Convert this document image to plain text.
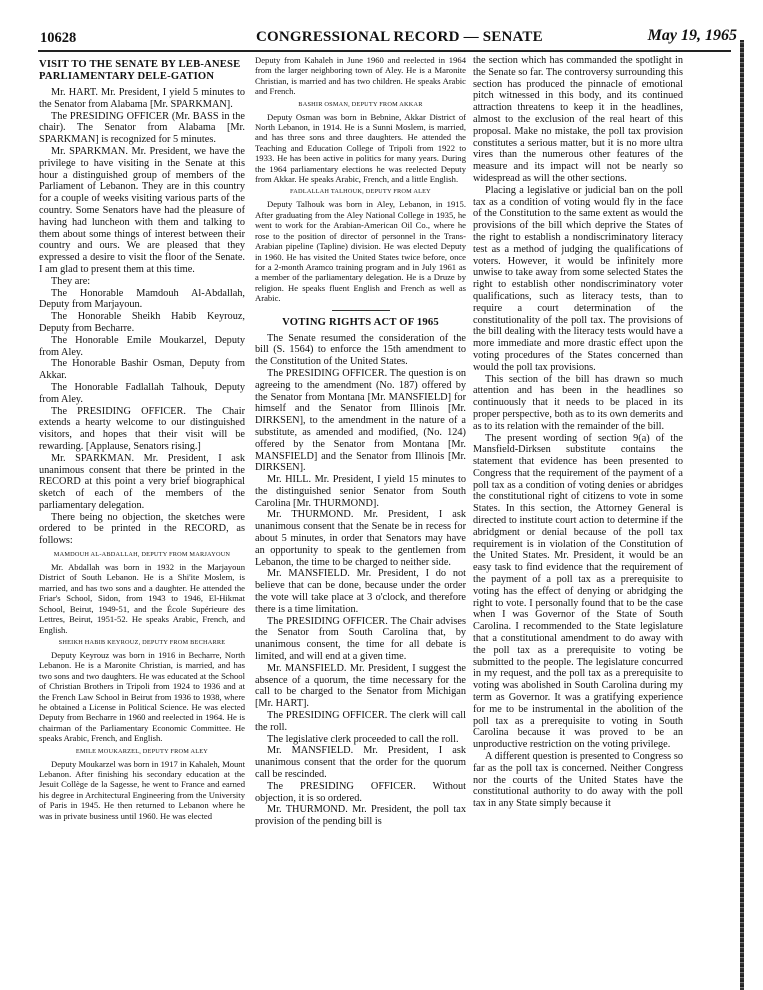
10628	CONGRESSIONAL RECORD — SENATE	May 19, 1965
VISIT TO THE SENATE BY LEB-ANESE PARLIAMENTARY DELE-GATION

Mr. HART. Mr. President, I yield 5 minutes to the Senator from Alabama [Mr. SPARKMAN].

The PRESIDING OFFICER (Mr. BASS in the chair). The Senator from Alabama [Mr. SPARKMAN] is recognized for 5 minutes.

Mr. SPARKMAN. Mr. President, we have the privilege to have visiting in the Senate at this hour a distinguished group of members of the Parliament of Lebanon. They are in this country for a couple of weeks visiting various parts of the country. Some Senators have had the pleasure of having had luncheon with them and talking to them about some things of interest between their country and ours. We are pleased that they expressed a desire to visit the floor of the Senate. I am glad to present them at this time.

They are:

The Honorable Mamdouh Al-Abdallah, Deputy from Marjayoun.

The Honorable Sheikh Habib Keyrouz, Deputy from Becharre.

The Honorable Emile Moukarzel, Deputy from Aley.

The Honorable Bashir Osman, Deputy from Akkar.

The Honorable Fadlallah Talhouk, Deputy from Aley.

The PRESIDING OFFICER. The Chair extends a hearty welcome to our distinguished visitors, and hopes that their visit will be rewarding. [Applause, Senators rising.]

Mr. SPARKMAN. Mr. President, I ask unanimous consent that there be printed in the RECORD at this point a very brief biographical sketch of each of the members of the parliamentary delegation.

There being no objection, the sketches were ordered to be printed in the RECORD, as follows:

MAMDOUH AL-ABDALLAH, DEPUTY FROM MARJAYOUN

Mr. Abdallah was born in 1932 in the Marjayoun District of South Lebanon. He is a Shi'ite Moslem, is married, and has two sons and a daughter. He attended the Friar's School, Sidon, from 1943 to 1946, El-Hikmat School, Beirut, 1949-51, and the École Supérieure des Lettres, Beirut, 1951-52. He speaks Arabic, French, and English.

SHEIKH HABIB KEYROUZ, DEPUTY FROM BECHARRE

Deputy Keyrouz was born in 1916 in Becharre, North Lebanon. He is a Maronite Christian, is married, and has two sons and two daughters. He was educated at the School of Christian Brothers in Tripoli from 1924 to 1936 and at the French Law School in Beirut from 1936 to 1938, where he obtained a License in Political Science. He was elected Deputy from Becharre in 1960 and reelected in 1964. He is chairman of the Parliamentary Economic Committee. He speaks Arabic, French, and English.

EMILE MOUKARZEL, DEPUTY FROM ALEY

Deputy Moukarzel was born in 1917 in Kahaleh, Mount Lebanon. After finishing his secondary education at the Jesuit Collège de la Sagesse, he went to France and earned his degree in Architectural Engineering from the University of Paris in 1945. He then returned to Lebanon where he was in private business until 1960. He was elected

Deputy from Kahaleh in June 1960 and reelected in 1964 from the larger neighboring town of Aley. He is a Maronite Christian, is married and has two children. He speaks Arabic and French.

BASHIR OSMAN, DEPUTY FROM AKKAR

Deputy Osman was born in Bebnine, Akkar District of North Lebanon, in 1914. He is a Sunni Moslem, is married, and has three sons and three daughters. He attended the Teaching and Education College of Tripoli from 1922 to 1933. He has been active in politics for many years. During the 1964 parliamentary elections he was reelected Deputy from Akkar. He speaks Arabic, French, and a little English.

FADLALLAH TALHOUK, DEPUTY FROM ALEY

Deputy Talhouk was born in Aley, Lebanon, in 1915. After graduating from the Aley National College in 1935, he went to work for the Arabian-American Oil Co., where he rose to the position of director of personnel in the Trans-Arabian pipeline (Tapline) division. He was elected Deputy in 1960. He has visited the United States twice before, once for a 2-month Aramco training program and in July 1961 as a member of the parliamentary delegation. He is a Druze by religion. He speaks fluent English and French as well as Arabic.

VOTING RIGHTS ACT OF 1965

The Senate resumed the consideration of the bill (S. 1564) to enforce the 15th amendment to the Constitution of the United States.

The PRESIDING OFFICER. The question is on agreeing to the amendment (No. 187) offered by the Senator from Montana [Mr. MANSFIELD] for himself and the Senator from Illinois [Mr. DIRKSEN], to the amendment in the nature of a substitute, as amended and modified, (No. 124) offered by the Senator from Montana [Mr. MANSFIELD] and the Senator from Illinois [Mr. DIRKSEN].

Mr. HILL. Mr. President, I yield 15 minutes to the distinguished senior Senator from South Carolina [Mr. THURMOND].

Mr. THURMOND. Mr. President, I ask unanimous consent that the Senate be in recess for about 5 minutes, in order that Senators may have an opportunity to speak to the gentlemen from Lebanon, the time to be charged to neither side.

Mr. MANSFIELD. Mr. President, I do not believe that can be done, because under the order the vote will take place at 3 o'clock, and therefore there is a time limitation.

The PRESIDING OFFICER. The Chair advises the Senator from South Carolina that, by unanimous consent, the time for all debate is limited, and will end at a given time.

Mr. MANSFIELD. Mr. President, I suggest the absence of a quorum, the time necessary for the call to be charged to the Senator from Michigan [Mr. HART].

The PRESIDING OFFICER. The clerk will call the roll.

The legislative clerk proceeded to call the roll.

Mr. MANSFIELD. Mr. President, I ask unanimous consent that the order for the quorum call be rescinded.

The PRESIDING OFFICER. Without objection, it is so ordered.

Mr. THURMOND. Mr. President, the poll tax provision of the pending bill is

the section which has commanded the spotlight in the Senate so far. The controversy surrounding this section has produced the pinnacle of emotional pitch witnessed in this body, and its continued attraction threatens to keep it in the headlines, almost to the exclusion of the real heart of this proposal. Make no mistake, the poll tax provision constitutes a serious matter, but it is no more ultra vires than the numerous other features of the measure and its impact will not be nearly so widespread as will the other sections.

Placing a legislative or judicial ban on the poll tax as a condition of voting would fly in the face of the Constitution to the same extent as would the provisions of the bill which deprive the States of the right to establish a nondiscriminatory literacy test as a method of judging the qualifications of voters. However, it would be infinitely more unwise to take away from some selected States the right to establish other nondiscriminatory voter qualifications, such as literacy tests, than to require a court determination of the constitutionality of the poll tax. The provisions of the bill dealing with the literacy tests would have a more immediate and more drastic effect upon the voting procedures of the States concerned than would the poll tax provisions.

This section of the bill has drawn so much attention and has been in the headlines so continuously that it needs to be placed in its proper perspective, both as to its own demerits and as to its relation with the remainder of the bill.

The present wording of section 9(a) of the Mansfield-Dirksen substitute contains the statement that evidence has been presented to Congress that the requirement of the payment of a poll tax as a condition of voting denies or abridges the constitutional right of citizens to vote in some States. In this section, the Attorney General is directed to institute court action to determine if the abridgment or denial because of the poll tax requirement is in violation of the Constitution of the United States. Mr. President, it would be an easy task to find evidence that the requirement of the payment of a poll tax as a prerequisite to voting has the effect of denying or abridging the right to vote. I personally found that to be the case when I was Governor of the State of South Carolina. I recommended to the State legislature that a constitutional amendment to do away with the poll tax as a prerequisite to voting be submitted to the people. The legislature concurred in my request, and the poll tax as a prerequisite to voting was abolished in South Carolina during my term as Governor. It was a gratifying experience for me to be instrumental in the abolition of the poll tax as a prerequisite to voting in South Carolina because it was proved to be an unproductive restriction on the voting privilege.

A different question is presented to Congress so far as the poll tax is concerned. Neither Congress nor the courts of the United States have the constitutional authority to do away with the poll tax in any State simply because it
